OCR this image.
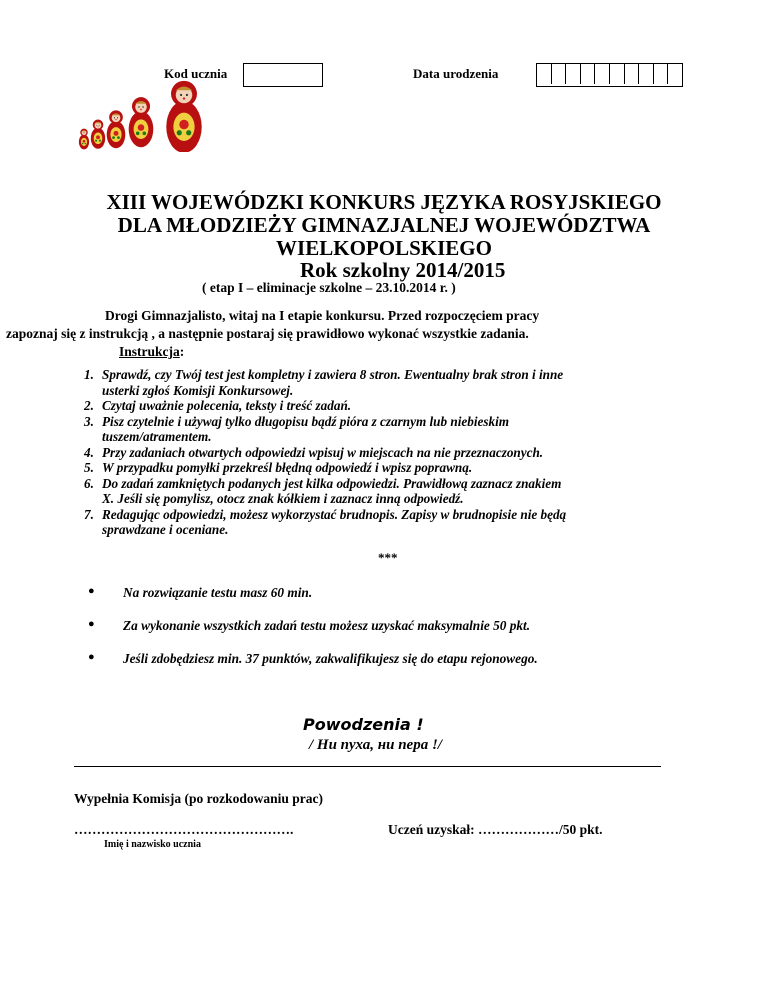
Kod ucznia	Data urodzenia
XIII WOJEWÓDZKI KONKURS JĘZYKA ROSYJSKIEGO
DLA MŁODZIEŻY GIMNAZJALNEJ WOJEWÓDZTWA
WIELKOPOLSKIEGO
Rok szkolny 2014/2015
( etap I – eliminacje szkolne – 23.10.2014 r. )
Drogi Gimnazjalisto, witaj na I etapie konkursu. Przed rozpoczęciem pracy
zapoznaj się z instrukcją , a następnie postaraj się prawidłowo wykonać wszystkie zadania.
Instrukcja:
1. Sprawdź, czy Twój test jest kompletny i zawiera 8 stron. Ewentualny brak stron i inne
usterki zgłoś Komisji Konkursowej.
2. Czytaj uważnie polecenia, teksty i treść zadań.
3. Pisz czytelnie i używaj tylko długopisu bądź pióra z czarnym lub niebieskim
tuszem/atramentem.
4. Przy zadaniach otwartych odpowiedzi wpisuj w miejscach na nie przeznaczonych.
5. W przypadku pomyłki przekreśl błędną odpowiedź i wpisz poprawną.
6. Do zadań zamkniętych podanych jest kilka odpowiedzi. Prawidłową zaznacz znakiem
X. Jeśli się pomylisz, otocz znak kółkiem i zaznacz inną odpowiedź.
7. Redagując odpowiedzi, możesz wykorzystać brudnopis. Zapisy w brudnopisie nie będą
sprawdzane i oceniane.
***
● Na rozwiązanie testu masz 60 min.
● Za wykonanie wszystkich zadań testu możesz uzyskać maksymalnie 50 pkt.
● Jeśli zdobędziesz min. 37 punktów, zakwalifikujesz się do etapu rejonowego.
Powodzenia !
/ Ни пуха, ни пера !/
Wypełnia Komisja (po rozkodowaniu prac)
………………………………………….
Imię i nazwisko ucznia
Uczeń uzyskał: ………………/50 pkt.
